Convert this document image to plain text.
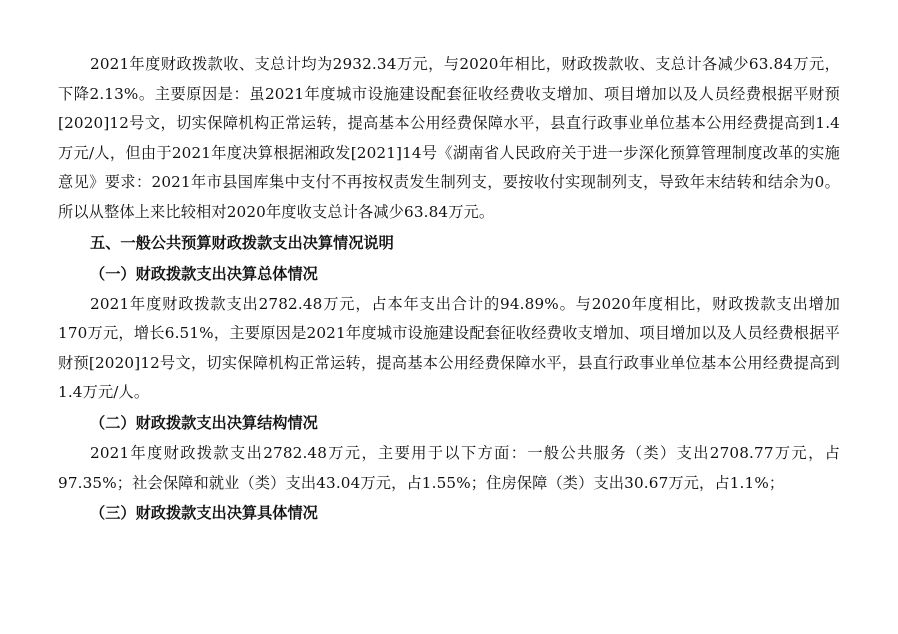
2021年度财政拨款收、支总计均为2932.34万元，与2020年相比，财政拨款收、支总计各减少63.84万元，下降2.13%。主要原因是：虽2021年度城市设施建设配套征收经费收支增加、项目增加以及人员经费根据平财预[2020]12号文，切实保障机构正常运转，提高基本公用经费保障水平，县直行政事业单位基本公用经费提高到1.4万元/人，但由于2021年度决算根据湘政发[2021]14号《湖南省人民政府关于进一步深化预算管理制度改革的实施意见》要求：2021年市县国库集中支付不再按权责发生制列支，要按收付实现制列支，导致年末结转和结余为0。所以从整体上来比较相对2020年度收支总计各减少63.84万元。

五、一般公共预算财政拨款支出决算情况说明

（一）财政拨款支出决算总体情况

2021年度财政拨款支出2782.48万元，占本年支出合计的94.89%。与2020年度相比，财政拨款支出增加170万元，增长6.51%，主要原因是2021年度城市设施建设配套征收经费收支增加、项目增加以及人员经费根据平财预[2020]12号文，切实保障机构正常运转，提高基本公用经费保障水平，县直行政事业单位基本公用经费提高到1.4万元/人。

（二）财政拨款支出决算结构情况

2021年度财政拨款支出2782.48万元，主要用于以下方面：一般公共服务（类）支出2708.77万元，占97.35%；社会保障和就业（类）支出43.04万元，占1.55%；住房保障（类）支出30.67万元，占1.1%；

（三）财政拨款支出决算具体情况
